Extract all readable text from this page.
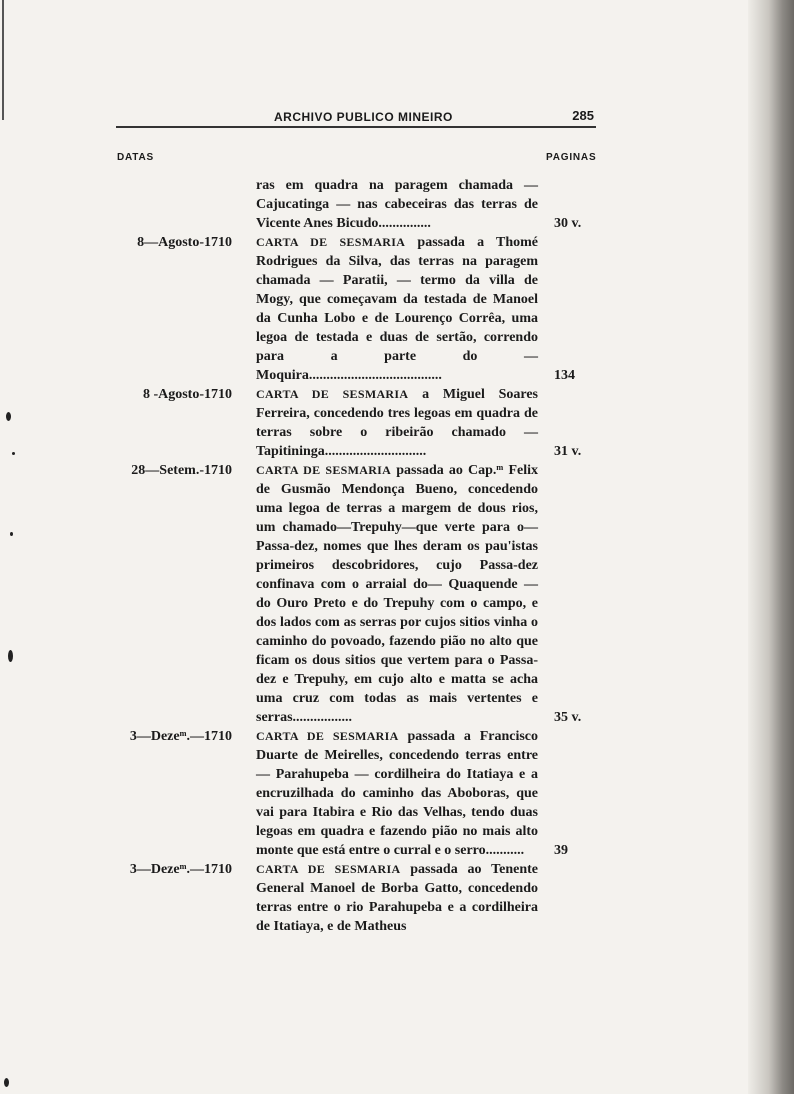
ARCHIVO PUBLICO MINEIRO	285
DATAS	PAGINAS
ras em quadra na paragem chamada — Cajucatinga — nas cabeceiras das terras de Vicente Anes Bicudo...............	30 v.
8—Agosto-1710 CARTA DE SESMARIA passada a Thomé Rodrigues da Silva, das terras na paragem chamada — Paratii, — termo da villa de Mogy, que começavam da testada de Manoel da Cunha Lobo e de Lourenço Corrêa, uma legoa de testada e duas de sertão, correndo para a parte do — Moquira......................................	134
8 -Agosto-1710 CARTA DE SESMARIA a Miguel Soares Ferreira, concedendo tres legoas em quadra de terras sobre o ribeirão chamado — Tapitininga.............................	31 v.
28—Setem.-1710 CARTA DE SESMARIA passada ao Cap.ᵐ Felix de Gusmão Mendonça Bueno, concedendo uma legoa de terras a margem de dous rios, um chamado—Trepuhy—que verte para o—Passa-dez, nomes que lhes deram os pau'istas primeiros descobridores, cujo Passa-dez confinava com o arraial do— Quaquende — do Ouro Preto e do Trepuhy com o campo, e dos lados com as serras por cujos sitios vinha o caminho do povoado, fazendo pião no alto que ficam os dous sitios que vertem para o Passa-dez e Trepuhy, em cujo alto e matta se acha uma cruz com todas as mais vertentes e serras.................	35 v.
3—Dezeᵐ.—1710 CARTA DE SESMARIA passada a Francisco Duarte de Meirelles, concedendo terras entre— Parahupeba — cordilheira do Itatiaya e a encruzilhada do caminho das Aboboras, que vai para Itabira e Rio das Velhas, tendo duas legoas em quadra e fazendo pião no mais alto monte que está entre o curral e o serro...........	39
3—Dezeᵐ.—1710 CARTA DE SESMARIA passada ao Tenente General Manoel de Borba Gatto, concedendo terras entre o rio Parahupeba e a cordilheira de Itatiaya, e de Matheus
